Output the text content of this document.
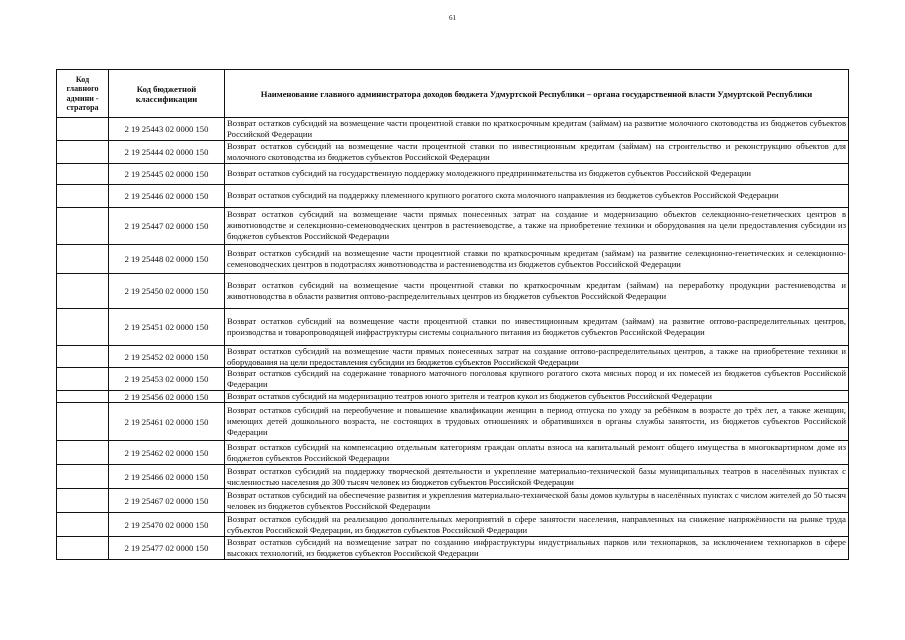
61
Код главного админи - стратора	Код бюджетной классификации	Наименование главного администратора доходов бюджета Удмуртской Республики – органа государственной власти Удмуртской Республики
	2 19 25443 02 0000 150	Возврат остатков субсидий на возмещение части процентной ставки по краткосрочным кредитам (займам) на развитие молочного скотоводства из бюджетов субъектов Российской Федерации
	2 19 25444 02 0000 150	Возврат остатков субсидий на возмещение части процентной ставки по инвестиционным кредитам (займам) на строительство и реконструкцию объектов для молочного скотоводства из бюджетов субъектов Российской Федерации
	2 19 25445 02 0000 150	Возврат остатков субсидий на государственную поддержку молодежного предпринимательства из бюджетов субъектов Российской Федерации
	2 19 25446 02 0000 150	Возврат остатков субсидий на поддержку племенного крупного рогатого скота молочного направления из бюджетов субъектов Российской Федерации
	2 19 25447 02 0000 150	Возврат остатков субсидий на возмещение части прямых понесенных затрат на создание и модернизацию объектов селекционно-генетических центров в животноводстве и селекционно-семеноводческих центров в растениеводстве, а также на приобретение техники и оборудования на цели предоставления субсидии из бюджетов субъектов Российской Федерации
	2 19 25448 02 0000 150	Возврат остатков субсидий на возмещение части процентной ставки по краткосрочным кредитам (займам) на развитие селекционно-генетических и селекционно-семеноводческих центров в подотраслях животноводства и растениеводства из бюджетов субъектов Российской Федерации
	2 19 25450 02 0000 150	Возврат остатков субсидий на возмещение части процентной ставки по краткосрочным кредитам (займам) на переработку продукции растениеводства и животноводства в области развития оптово-распределительных центров из бюджетов субъектов Российской Федерации
	2 19 25451 02 0000 150	Возврат остатков субсидий на возмещение части процентной ставки по инвестиционным кредитам (займам) на развитие оптово-распределительных центров, производства и товаропроводящей инфраструктуры системы социального питания из бюджетов субъектов Российской Федерации
	2 19 25452 02 0000 150	Возврат остатков субсидий на возмещение части прямых понесенных затрат на создание оптово-распределительных центров, а также на приобретение техники и оборудования на цели предоставления субсидии из бюджетов субъектов Российской Федерации
	2 19 25453 02 0000 150	Возврат остатков субсидий на содержание товарного маточного поголовья крупного рогатого скота мясных пород и их помесей из бюджетов субъектов Российской Федерации
	2 19 25456 02 0000 150	Возврат остатков субсидий на модернизацию театров юного зрителя и театров кукол из бюджетов субъектов Российской Федерации
	2 19 25461 02 0000 150	Возврат остатков субсидий на переобучение и повышение квалификации женщин в период отпуска по уходу за ребёнком в возрасте до трёх лет, а также женщин, имеющих детей дошкольного возраста, не состоящих в трудовых отношениях и обратившихся в органы службы занятости, из бюджетов субъектов Российской Федерации
	2 19 25462 02 0000 150	Возврат остатков субсидий на компенсацию отдельным категориям граждан оплаты взноса на капитальный ремонт общего имущества в многоквартирном доме из бюджетов субъектов Российской Федерации
	2 19 25466 02 0000 150	Возврат остатков субсидий на поддержку творческой деятельности и укрепление материально-технической базы муниципальных театров в населённых пунктах с численностью населения до 300 тысяч человек из бюджетов субъектов Российской Федерации
	2 19 25467 02 0000 150	Возврат остатков субсидий на обеспечение развития и укрепления материально-технической базы домов культуры в населённых пунктах с числом жителей до 50 тысяч человек из бюджетов субъектов Российской Федерации
	2 19 25470 02 0000 150	Возврат остатков субсидий на реализацию дополнительных мероприятий в сфере занятости населения, направленных на снижение напряжённости на рынке труда субъектов Российской Федерации, из бюджетов субъектов Российской Федерации
	2 19 25477 02 0000 150	Возврат остатков субсидий на возмещение затрат по созданию инфраструктуры индустриальных парков или технопарков, за исключением технопарков в сфере высоких технологий, из бюджетов субъектов Российской Федерации
